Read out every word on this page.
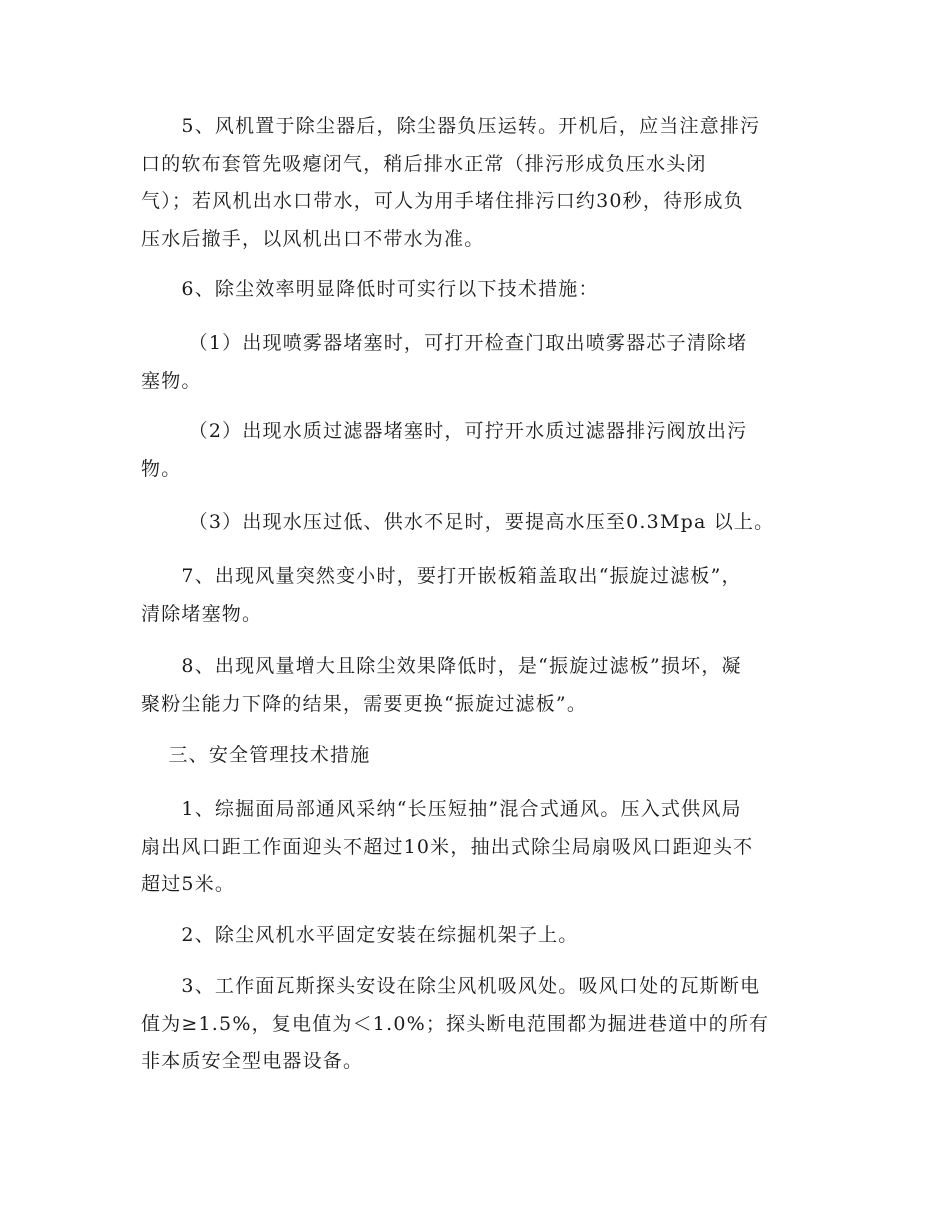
　　5、风机置于除尘器后，除尘器负压运转。开机后，应当注意排污
口的软布套管先吸瘪闭气，稍后排水正常（排污形成负压水头闭
气）；若风机出水口带水，可人为用手堵住排污口约30秒，待形成负
压水后撤手，以风机出口不带水为准。

　　6、除尘效率明显降低时可实行以下技术措施：

　　 （1）出现喷雾器堵塞时，可打开检查门取出喷雾器芯子清除堵
塞物。

　　 （2）出现水质过滤器堵塞时，可拧开水质过滤器排污阀放出污
物。

　　 （3）出现水压过低、供水不足时，要提高水压至0.3Mpa 以上。

　　7、出现风量突然变小时，要打开嵌板箱盖取出“振旋过滤板”，
清除堵塞物。

　　8、出现风量增大且除尘效果降低时，是“振旋过滤板”损坏，凝
聚粉尘能力下降的结果，需要更换“振旋过滤板”。

　 三、安全管理技术措施

　　1、综掘面局部通风采纳“长压短抽”混合式通风。压入式供风局
扇出风口距工作面迎头不超过10米，抽出式除尘局扇吸风口距迎头不
超过5米。

　　2、除尘风机水平固定安装在综掘机架子上。

　　3、工作面瓦斯探头安设在除尘风机吸风处。吸风口处的瓦斯断电
值为≥1.5%，复电值为＜1.0%；探头断电范围都为掘进巷道中的所有
非本质安全型电器设备。
